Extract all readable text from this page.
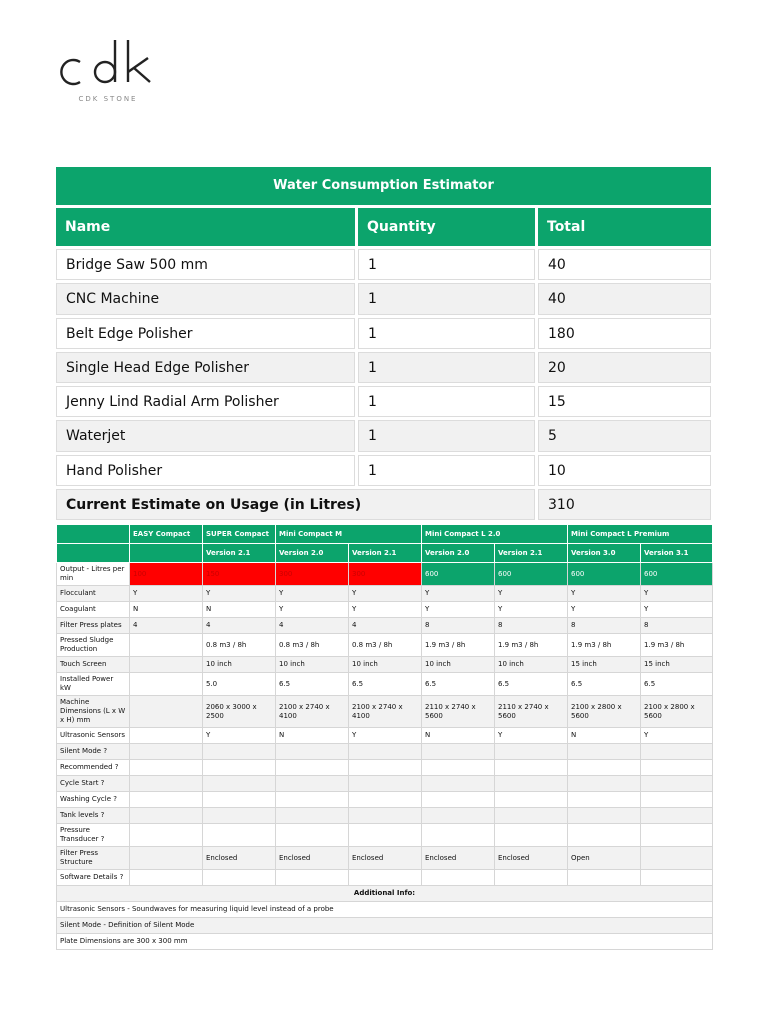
CDK STONE
Water Consumption Estimator
Name	Quantity	Total
Bridge Saw 500 mm	1	40
CNC Machine	1	40
Belt Edge Polisher	1	180
Single Head Edge Polisher	1	20
Jenny Lind Radial Arm Polisher	1	15
Waterjet	1	5
Hand Polisher	1	10
Current Estimate on Usage (in Litres)	310
	EASY Compact	SUPER Compact	Mini Compact M		Mini Compact L 2.0		Mini Compact L Premium	
		Version 2.1	Version 2.0	Version 2.1	Version 2.0	Version 2.1	Version 3.0	Version 3.1
Output - Litres per min	100	150	300	300	600	600	600	600
Flocculant	Y	Y	Y	Y	Y	Y	Y	Y
Coagulant	N	N	Y	Y	Y	Y	Y	Y
Filter Press plates	4	4	4	4	8	8	8	8
Pressed Sludge Production		0.8 m3 / 8h	0.8 m3 / 8h	0.8 m3 / 8h	1.9 m3 / 8h	1.9 m3 / 8h	1.9 m3 / 8h	1.9 m3 / 8h
Touch Screen		10 inch	10 inch	10 inch	10 inch	10 inch	15 inch	15 inch
Installed Power kW		5.0	6.5	6.5	6.5	6.5	6.5	6.5
Machine Dimensions (L x W x H) mm		2060 x 3000 x 2500	2100 x 2740 x 4100	2100 x 2740 x 4100	2110 x 2740 x 5600	2110 x 2740 x 5600	2100 x 2800 x 5600	2100 x 2800 x 5600
Ultrasonic Sensors		Y	N	Y	N	Y	N	Y
Silent Mode ?								
Recommended ?								
Cycle Start ?								
Washing Cycle ?								
Tank levels ?								
Pressure Transducer ?								
Filter Press Structure		Enclosed	Enclosed	Enclosed	Enclosed	Enclosed	Open	
Software Details ?								
Additional Info:								
Ultrasonic Sensors - Soundwaves for measuring liquid level instead of a probe								
Silent Mode - Definition of Silent Mode								
Plate Dimensions are 300 x 300 mm								
